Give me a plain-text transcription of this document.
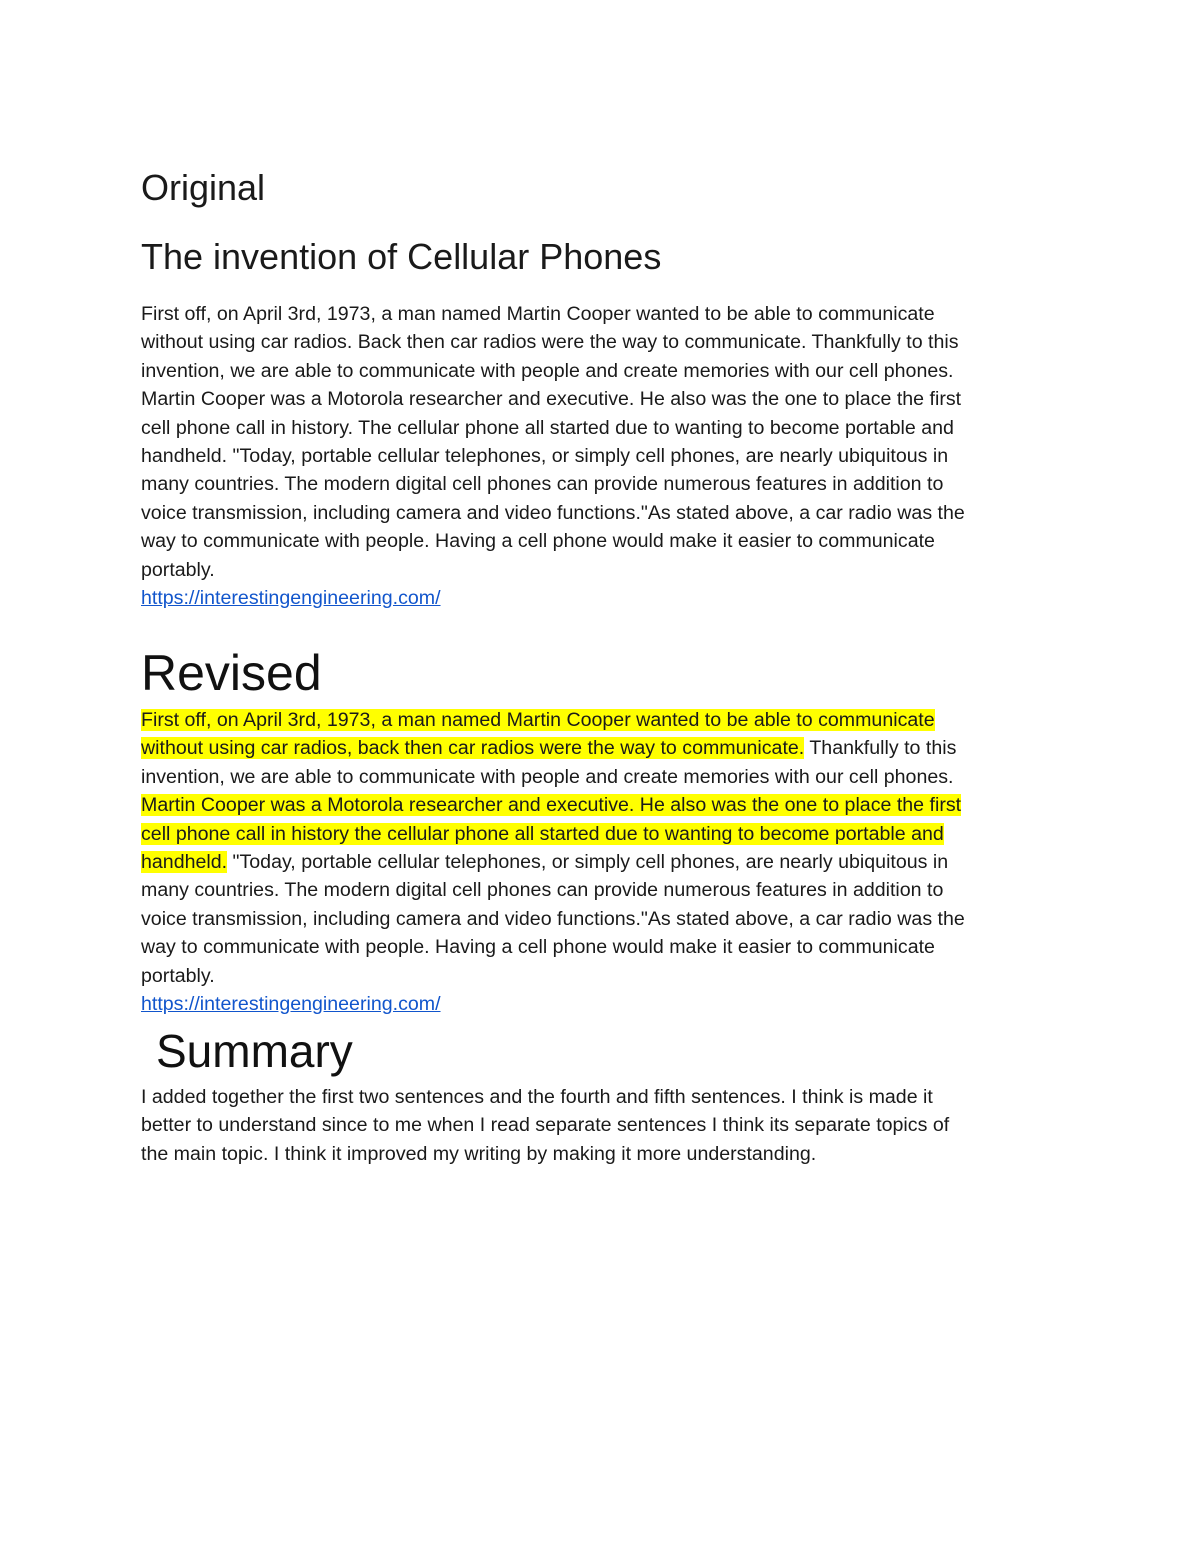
Original
The invention of Cellular Phones
First off, on April 3rd, 1973, a man named Martin Cooper wanted to be able to communicate
without using car radios. Back then car radios were the way to communicate. Thankfully to this
invention, we are able to communicate with people and create memories with our cell phones.
Martin Cooper was a Motorola researcher and executive. He also was the one to place the first
cell phone call in history. The cellular phone all started due to wanting to become portable and
handheld. "Today, portable cellular telephones, or simply cell phones, are nearly ubiquitous in
many countries. The modern digital cell phones can provide numerous features in addition to
voice transmission, including camera and video functions."As stated above, a car radio was the
way to communicate with people. Having a cell phone would make it easier to communicate
portably.
https://interestingengineering.com/
Revised
First off, on April 3rd, 1973, a man named Martin Cooper wanted to be able to communicate
without using car radios, back then car radios were the way to communicate. Thankfully to this
invention, we are able to communicate with people and create memories with our cell phones.
Martin Cooper was a Motorola researcher and executive. He also was the one to place the first
cell phone call in history the cellular phone all started due to wanting to become portable and
handheld. "Today, portable cellular telephones, or simply cell phones, are nearly ubiquitous in
many countries. The modern digital cell phones can provide numerous features in addition to
voice transmission, including camera and video functions."As stated above, a car radio was the
way to communicate with people. Having a cell phone would make it easier to communicate
portably.
https://interestingengineering.com/
Summary
I added together the first two sentences and the fourth and fifth sentences. I think is made it
better to understand since to me when I read separate sentences I think its separate topics of
the main topic. I think it improved my writing by making it more understanding.
